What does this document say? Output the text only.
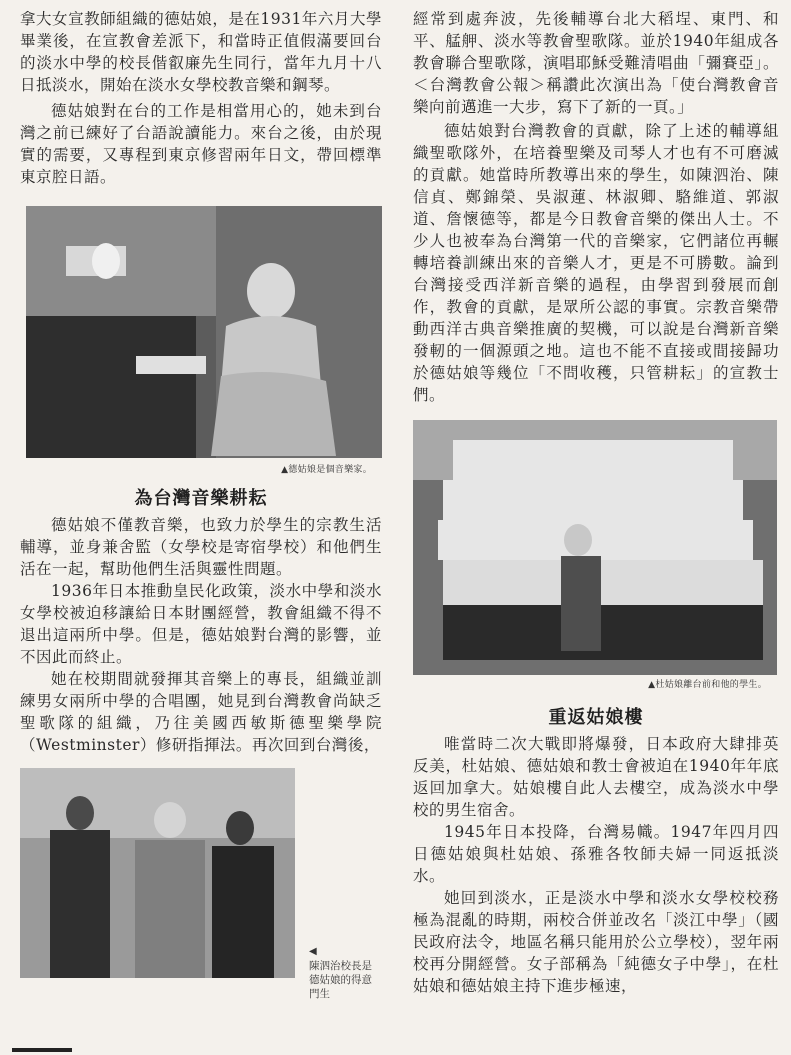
拿大女宣教師組織的德姑娘，是在1931年六月大學畢業後，在宣教會差派下，和當時正值假滿要回台的淡水中學的校長偕叡廉先生同行，當年九月十八日抵淡水，開始在淡水女學校教音樂和鋼琴。

德姑娘對在台的工作是相當用心的，她未到台灣之前已練好了台語說讀能力。來台之後，由於現實的需要，又專程到東京修習兩年日文，帶回標準東京腔日語。

▲德姑娘是個音樂家。
為台灣音樂耕耘

德姑娘不僅教音樂，也致力於學生的宗教生活輔導，並身兼舍監（女學校是寄宿學校）和他們生活在一起，幫助他們生活與靈性問題。

1936年日本推動皇民化政策，淡水中學和淡水女學校被迫移讓給日本財團經營，教會組織不得不退出這兩所中學。但是，德姑娘對台灣的影響，並不因此而終止。

她在校期間就發揮其音樂上的專長，組織並訓練男女兩所中學的合唱團，她見到台灣教會尚缺乏聖歌隊的組織，乃往美國西敏斯德聖樂學院（Westminster）修研指揮法。再次回到台灣後，

◀
陳泗治校長是德姑娘的得意門生

經常到處奔波，先後輔導台北大稻埕、東門、和平、艋舺、淡水等教會聖歌隊。並於1940年組成各教會聯合聖歌隊，演唱耶穌受難清唱曲「彌賽亞」。＜台灣教會公報＞稱讚此次演出為「使台灣教會音樂向前邁進一大步，寫下了新的一頁。」

德姑娘對台灣教會的貢獻，除了上述的輔導組織聖歌隊外，在培養聖樂及司琴人才也有不可磨滅的貢獻。她當時所教導出來的學生，如陳泗治、陳信貞、鄭錦榮、吳淑蓮、林淑卿、駱維道、郭淑道、詹懷德等，都是今日教會音樂的傑出人士。不少人也被奉為台灣第一代的音樂家，它們諸位再輾轉培養訓練出來的音樂人才，更是不可勝數。論到台灣接受西洋新音樂的過程，由學習到發展而創作，教會的貢獻，是眾所公認的事實。宗教音樂帶動西洋古典音樂推廣的契機，可以說是台灣新音樂發軔的一個源頭之地。這也不能不直接或間接歸功於德姑娘等幾位「不問收穫，只管耕耘」的宣教士們。

▲杜姑娘離台前和他的學生。
重返姑娘樓

唯當時二次大戰即將爆發，日本政府大肆排英反美，杜姑娘、德姑娘和教士會被迫在1940年年底返回加拿大。姑娘樓自此人去樓空，成為淡水中學校的男生宿舍。

1945年日本投降，台灣易幟。1947年四月四日德姑娘與杜姑娘、孫雅各牧師夫婦一同返抵淡水。

她回到淡水，正是淡水中學和淡水女學校校務極為混亂的時期，兩校合併並改名「淡江中學」（國民政府法令，地區名稱只能用於公立學校），翌年兩校再分開經營。女子部稱為「純德女子中學」，在杜姑娘和德姑娘主持下進步極速，
